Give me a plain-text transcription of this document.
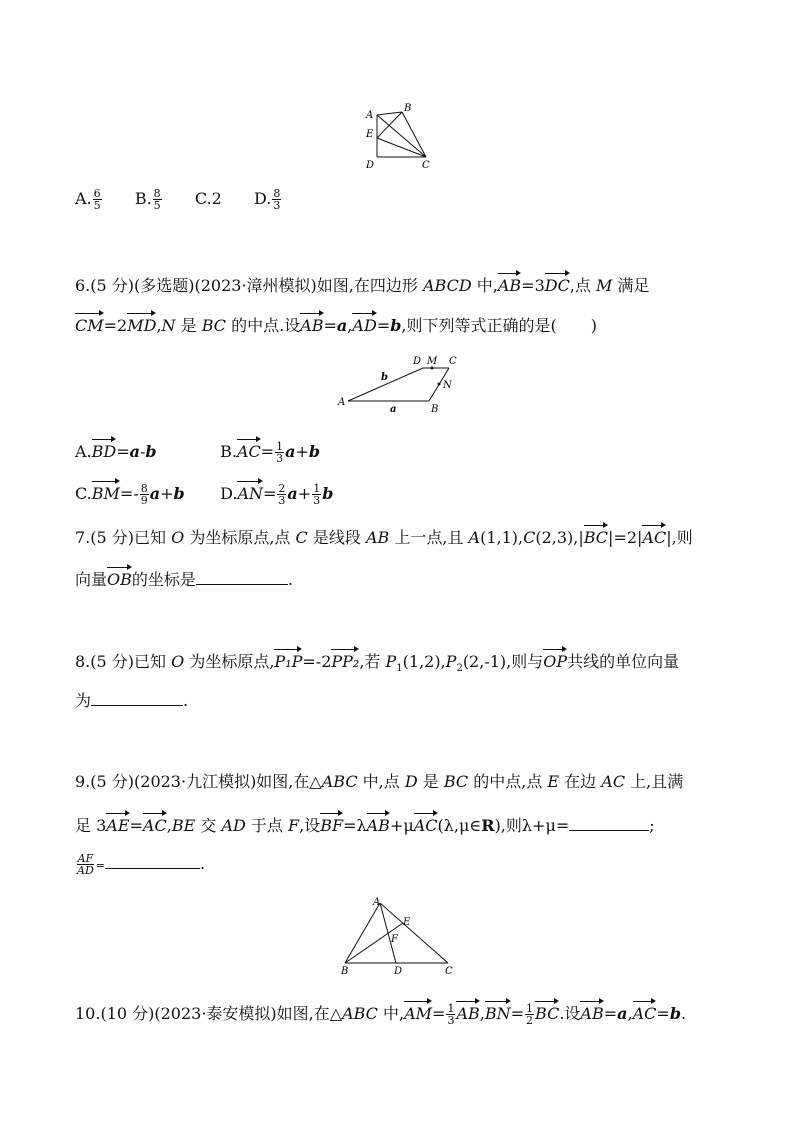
A
B
E
D	C
A. $\frac{6}{5} B$. $\frac{8}{5} C.2$ D. $\frac{8}{3}$
6.(5 分)(多选题)(2023·漳州模拟)如图,在四边形 ABCD 中,AB=3DC,点 M 满足
CM=2MD,N 是 BC 的中点.设AB=a,AD=b,则下列等式正确的是( )
D M C
N
A
B
b
a
A.BD=a-b	$B.AC= \frac{1}{3} a+b$
$C.BM=- \frac{8}{9} a+b$ $D.AN= \frac{2}{3} a+ \frac{1}{3}$ b
7.(5 分)已知 O 为坐标原点,点 C 是线段 AB 上一点,且 A(1,1),C(2,3),|BC|=2|AC|,则
向量OB的坐标是	.
8.(5 分)已知 O 为坐标原点,P₁P=-2PP₂,若 $P_1(1,2),P_2(2,-1)$,则与OP共线的单位向量
为	.
9.(5 分)(2023·九江模拟)如图,在△ABC 中,点 D 是 BC 的中点,点 E 在边 AC 上,且满
足 3AE=AC,BE 交 AD 于点 F,设BF=λAB+μAC(λ,μ∈R),则λ+μ=	;
$\frac{AF}{AD}$ =	.
A
E
F
B	D	C
10.(10 分)(2023·泰安模拟)如图,在△ABC 中$,AM= \frac{1}{3} AB,BN= \frac{1}{2}$ BC.设AB=a,AC=b.
